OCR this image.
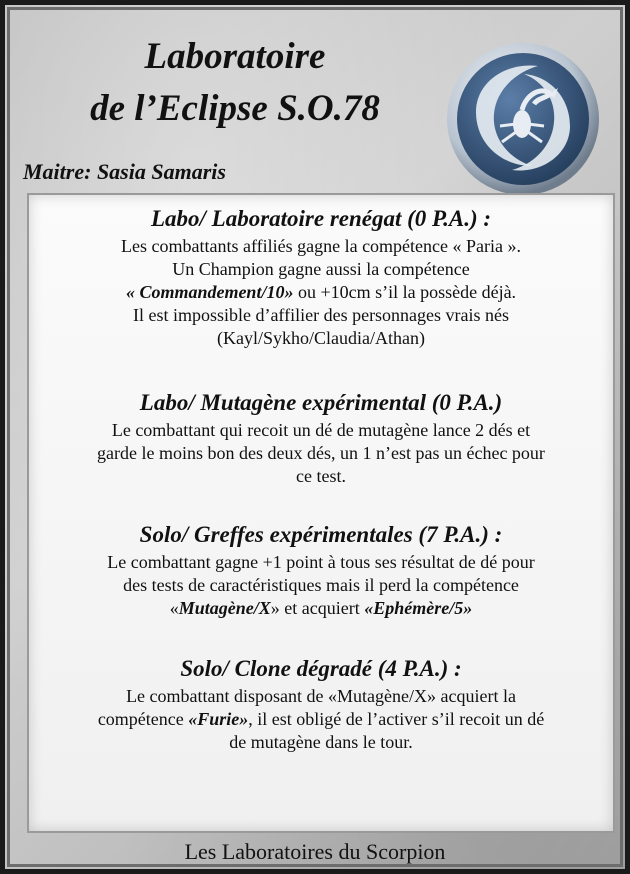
Laboratoire
de l’Eclipse S.O.78
Maitre: Sasia Samaris
Labo/ Laboratoire renégat (0 P.A.) :

Les combattants affiliés gagne la compétence « Paria ».
Un Champion gagne aussi la compétence
« Commandement/10» ou +10cm s’il la possède déjà.
Il est impossible d’affilier des personnages vrais nés
(Kayl/Sykho/Claudia/Athan)

Labo/ Mutagène expérimental (0 P.A.)

Le combattant qui recoit un dé de mutagène lance 2 dés et
garde le moins bon des deux dés, un 1 n’est pas un échec pour
ce test.

Solo/ Greffes expérimentales (7 P.A.) :

Le combattant gagne +1 point à tous ses résultat de dé pour
des tests de caractéristiques mais il perd la compétence
«Mutagène/X» et acquiert «Ephémère/5»

Solo/ Clone dégradé (4 P.A.) :

Le combattant disposant de «Mutagène/X» acquiert la
compétence «Furie», il est obligé de l’activer s’il recoit un dé
de mutagène dans le tour.

Les Laboratoires du Scorpion
